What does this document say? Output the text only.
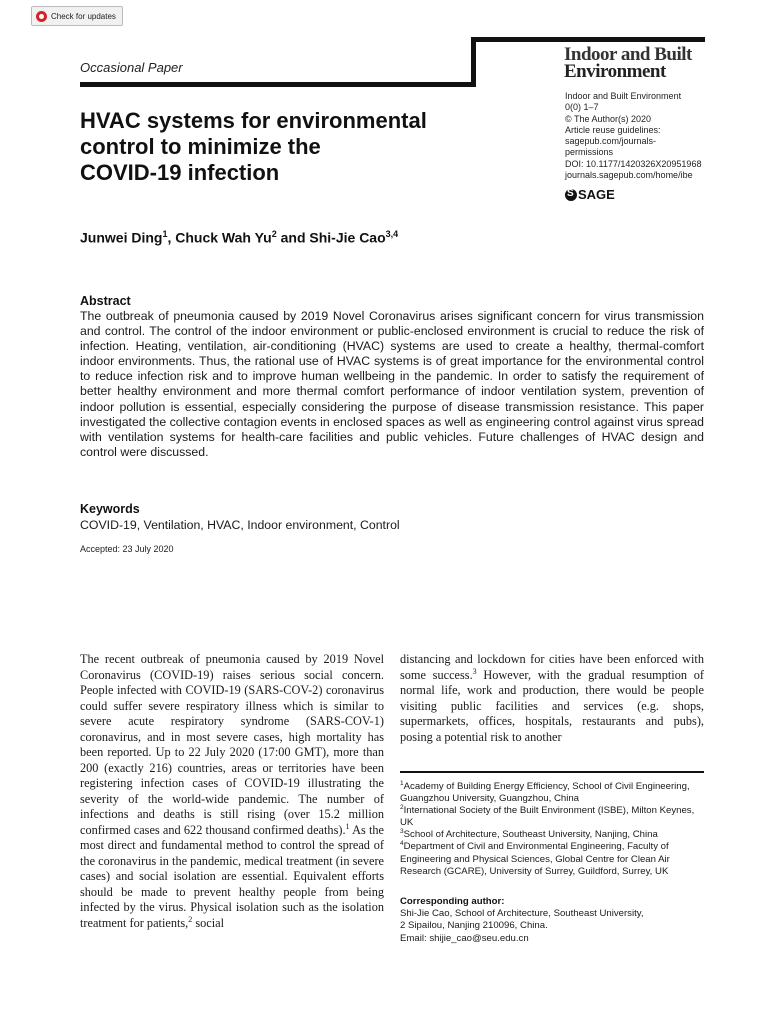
Check for updates
Occasional Paper
Indoor and Built
Environment
Indoor and Built Environment
0(0) 1–7
© The Author(s) 2020
Article reuse guidelines:
sagepub.com/journals-
permissions
DOI: 10.1177/1420326X20951968
journals.sagepub.com/home/ibe
S
SAGE
HVAC systems for environmental
control to minimize the
COVID-19 infection
Junwei Ding$^1$, Chuck Wah Yu$^2$ and Shi-Jie Cao$^{3,4}$
Abstract
The outbreak of pneumonia caused by 2019 Novel Coronavirus arises significant concern for virus transmission and control. The control of the indoor environment or public-enclosed environment is crucial to reduce the risk of infection. Heating, ventilation, air-conditioning (HVAC) systems are used to create a healthy, thermal-comfort indoor environments. Thus, the rational use of HVAC systems is of great importance for the environmental control to reduce infection risk and to improve human wellbeing in the pandemic. In order to satisfy the requirement of better healthy environment and more thermal comfort performance of indoor ventilation system, prevention of indoor pollution is essential, especially considering the purpose of disease transmission resistance. This paper investigated the collective contagion events in enclosed spaces as well as engineering control against virus spread with ventilation systems for health-care facilities and public vehicles. Future challenges of HVAC design and control were discussed.
Keywords
COVID-19, Ventilation, HVAC, Indoor environment, Control
Accepted: 23 July 2020
The recent outbreak of pneumonia caused by 2019 Novel Coronavirus (COVID-19) raises serious social concern. People infected with COVID-19 (SARS-COV-2) coronavirus could suffer severe respiratory illness which is similar to severe acute respiratory syndrome (SARS-COV-1) coronavirus, and in most severe cases, high mortality has been reported. Up to 22 July 2020 (17:00 GMT), more than 200 (exactly 216) countries, areas or territories have been registering infection cases of COVID-19 illustrating the severity of the world-wide pandemic. The number of infections and deaths is still rising (over 15.2 million confirmed cases and 622 thousand confirmed deaths).$^1$ As the most direct and fundamental method to control the spread of the coronavirus in the pandemic, medical treatment (in severe cases) and social isolation are essential. Equivalent efforts should be made to prevent healthy people from being infected by the virus. Physical isolation such as the isolation treatment for patients,$^2$ social
distancing and lockdown for cities have been enforced with some success.$^3$ However, with the gradual resumption of normal life, work and production, there would be people visiting public facilities and services (e.g. shops, supermarkets, offices, hospitals, restaurants and pubs), posing a potential risk to another
$^1$Academy of Building Energy Efficiency, School of Civil Engineering, Guangzhou University, Guangzhou, China
$^2$International Society of the Built Environment (ISBE), Milton Keynes, UK
$^3$School of Architecture, Southeast University, Nanjing, China
$^4$Department of Civil and Environmental Engineering, Faculty of Engineering and Physical Sciences, Global Centre for Clean Air Research (GCARE), University of Surrey, Guildford, Surrey, UK
Corresponding author:
Shi-Jie Cao, School of Architecture, Southeast University,
2 Sipailou, Nanjing 210096, China.
Email: shijie_cao@seu.edu.cn
